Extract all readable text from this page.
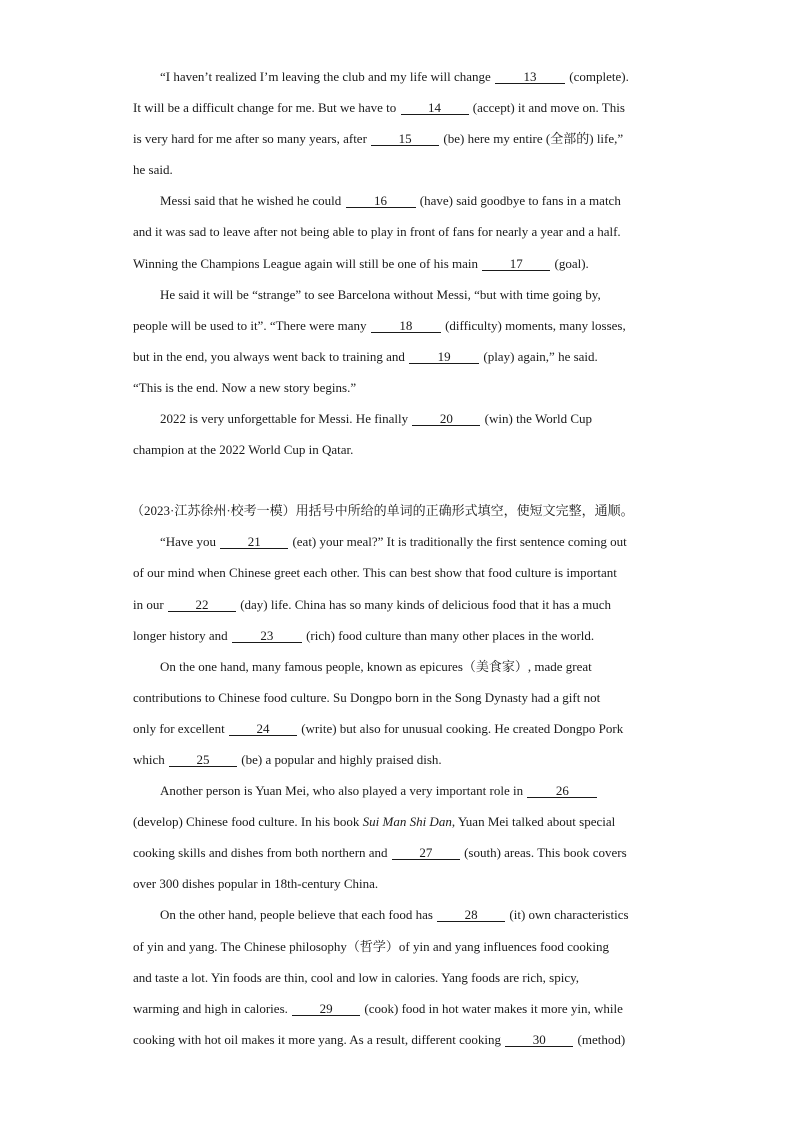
“I haven’t realized I’m leaving the club and my life will change	13	(complete).
It will be a difficult change for me. But we have to 14 (accept) it and move on. This
is very hard for me after so many years, after 15 (be) here my entire (全部的) life,”
he said.
Messi said that he wished he could	16	(have) said goodbye to fans in a match
and it was sad to leave after not being able to play in front of fans for nearly a year and a half.
Winning the Champions League again will still be one of his main 17 (goal).
He said it will be “strange” to see Barcelona without Messi, “but with time going by,
people will be used to it”. “There were many	18	(difficulty) moments, many losses,
but in the end, you always went back to training and	19	(play) again,” he said.
“This is the end. Now a new story begins.”
2022 is very unforgettable for Messi. He finally 20 (win) the World Cup
champion at the 2022 World Cup in Qatar.
（2023·江苏徐州·校考一模）用括号中所给的单词的正确形式填空，使短文完整，通顺。
“Have you 21 (eat) your meal?” It is traditionally the first sentence coming out
of our mind when Chinese greet each other. This can best show that food culture is important
in our 22 (day) life. China has so many kinds of delicious food that it has a much
longer history and	23	(rich) food culture than many other places in the world.
On the one hand, many famous people, known as epicures（美食家）, made great
contributions to Chinese food culture. Su Dongpo born in the Song Dynasty had a gift not
only for excellent 24 (write) but also for unusual cooking. He created Dongpo Pork
which 25 (be) a popular and highly praised dish.
Another person is Yuan Mei, who also played a very important role in	26
(develop) Chinese food culture. In his book Sui Man Shi Dan, Yuan Mei talked about special
cooking skills and dishes from both northern and 27 (south) areas. This book covers
over 300 dishes popular in 18th-century China.
On the other hand, people believe that each food has 28 (it) own characteristics
of yin and yang. The Chinese philosophy（哲学）of yin and yang influences food cooking
and taste a lot. Yin foods are thin, cool and low in calories. Yang foods are rich, spicy,
warming and high in calories. 29 (cook) food in hot water makes it more yin, while
cooking with hot oil makes it more yang. As a result, different cooking 30 (method)
